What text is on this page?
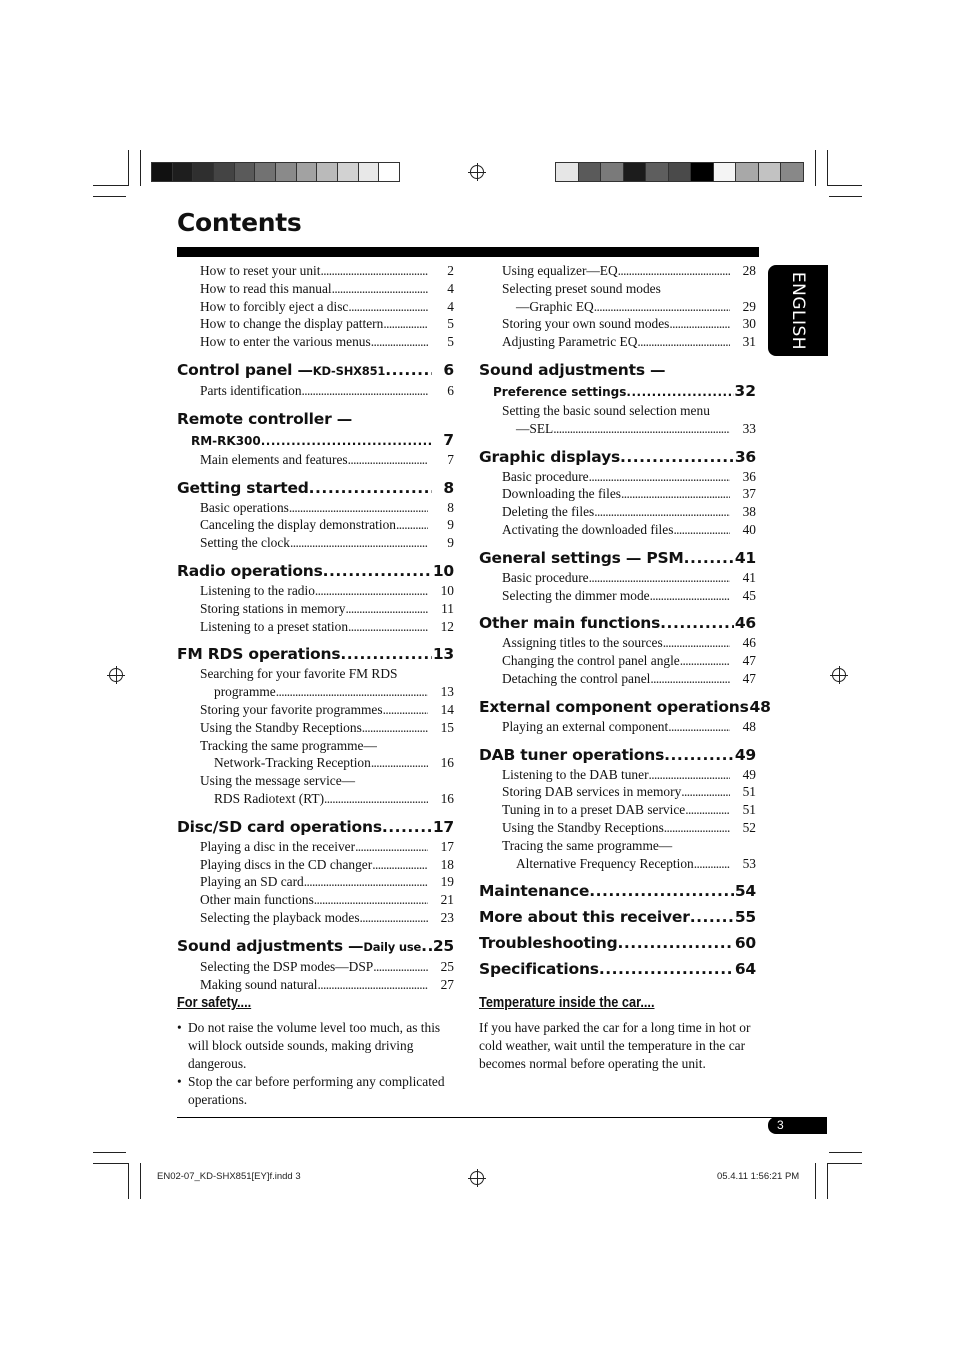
Contents
ENGLISH
How to reset your unit .....	2
How to read this manual .....	4
How to forcibly eject a disc .....	4
How to change the display pattern .....	5
How to enter the various menus .....	5
Control panel — KD-SHX851 .....	6
Parts identification .....	6
Remote controller —
RM-RK300 .....	7
Main elements and features .....	7
Getting started .....	8
Basic operations .....	8
Canceling the display demonstration .....	9
Setting the clock .....	9
Radio operations .....	10
Listening to the radio .....	10
Storing stations in memory .....	11
Listening to a preset station .....	12
FM RDS operations .....	13
Searching for your favorite FM RDS
programme .....	13
Storing your favorite programmes .....	14
Using the Standby Receptions .....	15
Tracking the same programme—
Network-Tracking Reception .....	16
Using the message service—
RDS Radiotext (RT) .....	16
Disc/SD card operations .....	17
Playing a disc in the receiver .....	17
Playing discs in the CD changer .....	18
Playing an SD card .....	19
Other main functions .....	21
Selecting the playback modes .....	23
Sound adjustments — Daily use ..... 25
Selecting the DSP modes—DSP .....	25
Making sound natural .....	27
Using equalizer—EQ .....	28
Selecting preset sound modes
—Graphic EQ .....	29
Storing your own sound modes .....	30
Adjusting Parametric EQ .....	31
Sound adjustments —
Preference settings .....	32
Setting the basic sound selection menu
—SEL .....	33
Graphic displays .....	36
Basic procedure .....	36
Downloading the files .....	37
Deleting the files .....	38
Activating the downloaded files .....	40
General settings — PSM .....	41
Basic procedure .....	41
Selecting the dimmer mode .....	45
Other main functions .....	46
Assigning titles to the sources .....	46
Changing the control panel angle .....	47
Detaching the control panel .....	47
External component operations 48
Playing an external component .....	48
DAB tuner operations .....	49
Listening to the DAB tuner .....	49
Storing DAB services in memory .....	51
Tuning in to a preset DAB service .....	51
Using the Standby Receptions .....	52
Tracing the same programme—
Alternative Frequency Reception .....	53
Maintenance .....	54
More about this receiver .....	55
Troubleshooting .....	60
Specifications .....	64
For safety....
• Do not raise the volume level too much, as this will block outside sounds, making driving dangerous.
• Stop the car before performing any complicated operations.
Temperature inside the car....
If you have parked the car for a long time in hot or cold weather, wait until the temperature in the car becomes normal before operating the unit.
3
EN02-07_KD-SHX851[EY]f.indd 3	05.4.11 1:56:21 PM
